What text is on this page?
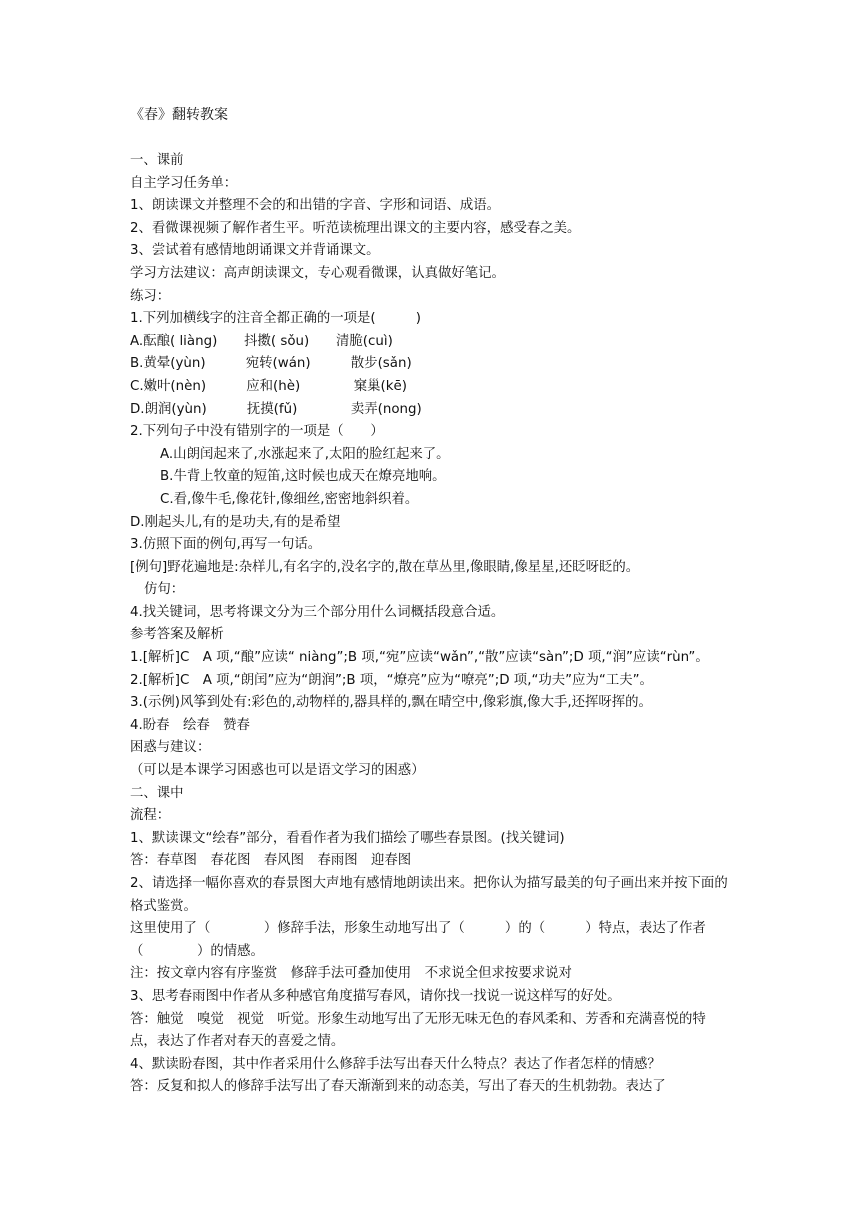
《春》翻转教案
一、课前
自主学习任务单：
1、朗读课文并整理不会的和出错的字音、字形和词语、成语。
2、看微课视频了解作者生平。听范读梳理出课文的主要内容，感受春之美。
3、尝试着有感情地朗诵课文并背诵课文。
学习方法建议：高声朗读课文，专心观看微课，认真做好笔记。
练习：
1.下列加横线字的注音全都正确的一项是(　　　)
A.酝酿( liàng)　　抖擞( sǒu)　　清脆(cuì)
B.黄晕(yùn)　　　宛转(wán)　　　散步(sǎn)
C.嫩叶(nèn)　　　应和(hè)　　　　窠巢(kē)
D.朗润(yùn)　　　抚摸(fǔ)　　　　卖弄(nong)
2.下列句子中没有错别字的一项是（　　）
A.山朗闰起来了,水涨起来了,太阳的脸红起来了。
B.牛背上牧童的短笛,这时候也成天在燎亮地响。
C.看,像牛毛,像花针,像细丝,密密地斜织着。
D.刚起头儿,有的是功夫,有的是希望
3.仿照下面的例句,再写一句话。
[例句]野花遍地是:杂样儿,有名字的,没名字的,散在草丛里,像眼睛,像星星,还眨呀眨的。
仿句：
4.找关键词，思考将课文分为三个部分用什么词概括段意合适。
参考答案及解析
1.[解析]C　A 项,“酿”应读“ niàng”;B 项,“宛”应读“wǎn”,“散”应读“sàn”;D 项,“润”应读“rùn”。
2.[解析]C　A 项,“朗闰”应为“朗润”;B 项，“燎亮”应为“嘹亮”;D 项,“功夫”应为“工夫”。
3.(示例)风筝到处有:彩色的,动物样的,器具样的,飘在晴空中,像彩旗,像大手,还挥呀挥的。
4.盼春　绘春　赞春
困惑与建议：
（可以是本课学习困惑也可以是语文学习的困惑）
二、课中
流程：
1、默读课文“绘春”部分，看看作者为我们描绘了哪些春景图。(找关键词)
答：春草图　春花图　春风图　春雨图　迎春图
2、请选择一幅你喜欢的春景图大声地有感情地朗读出来。把你认为描写最美的句子画出来并按下面的格式鉴赏。
这里使用了（　　　　）修辞手法，形象生动地写出了（　　　）的（　　　）特点，表达了作者（　　　　）的情感。
注：按文章内容有序鉴赏　修辞手法可叠加使用　不求说全但求按要求说对
3、思考春雨图中作者从多种感官角度描写春风，请你找一找说一说这样写的好处。
答：触觉　嗅觉　视觉　听觉。形象生动地写出了无形无味无色的春风柔和、芳香和充满喜悦的特点，表达了作者对春天的喜爱之情。
4、默读盼春图，其中作者采用什么修辞手法写出春天什么特点？表达了作者怎样的情感？
答：反复和拟人的修辞手法写出了春天渐渐到来的动态美，写出了春天的生机勃勃。表达了
